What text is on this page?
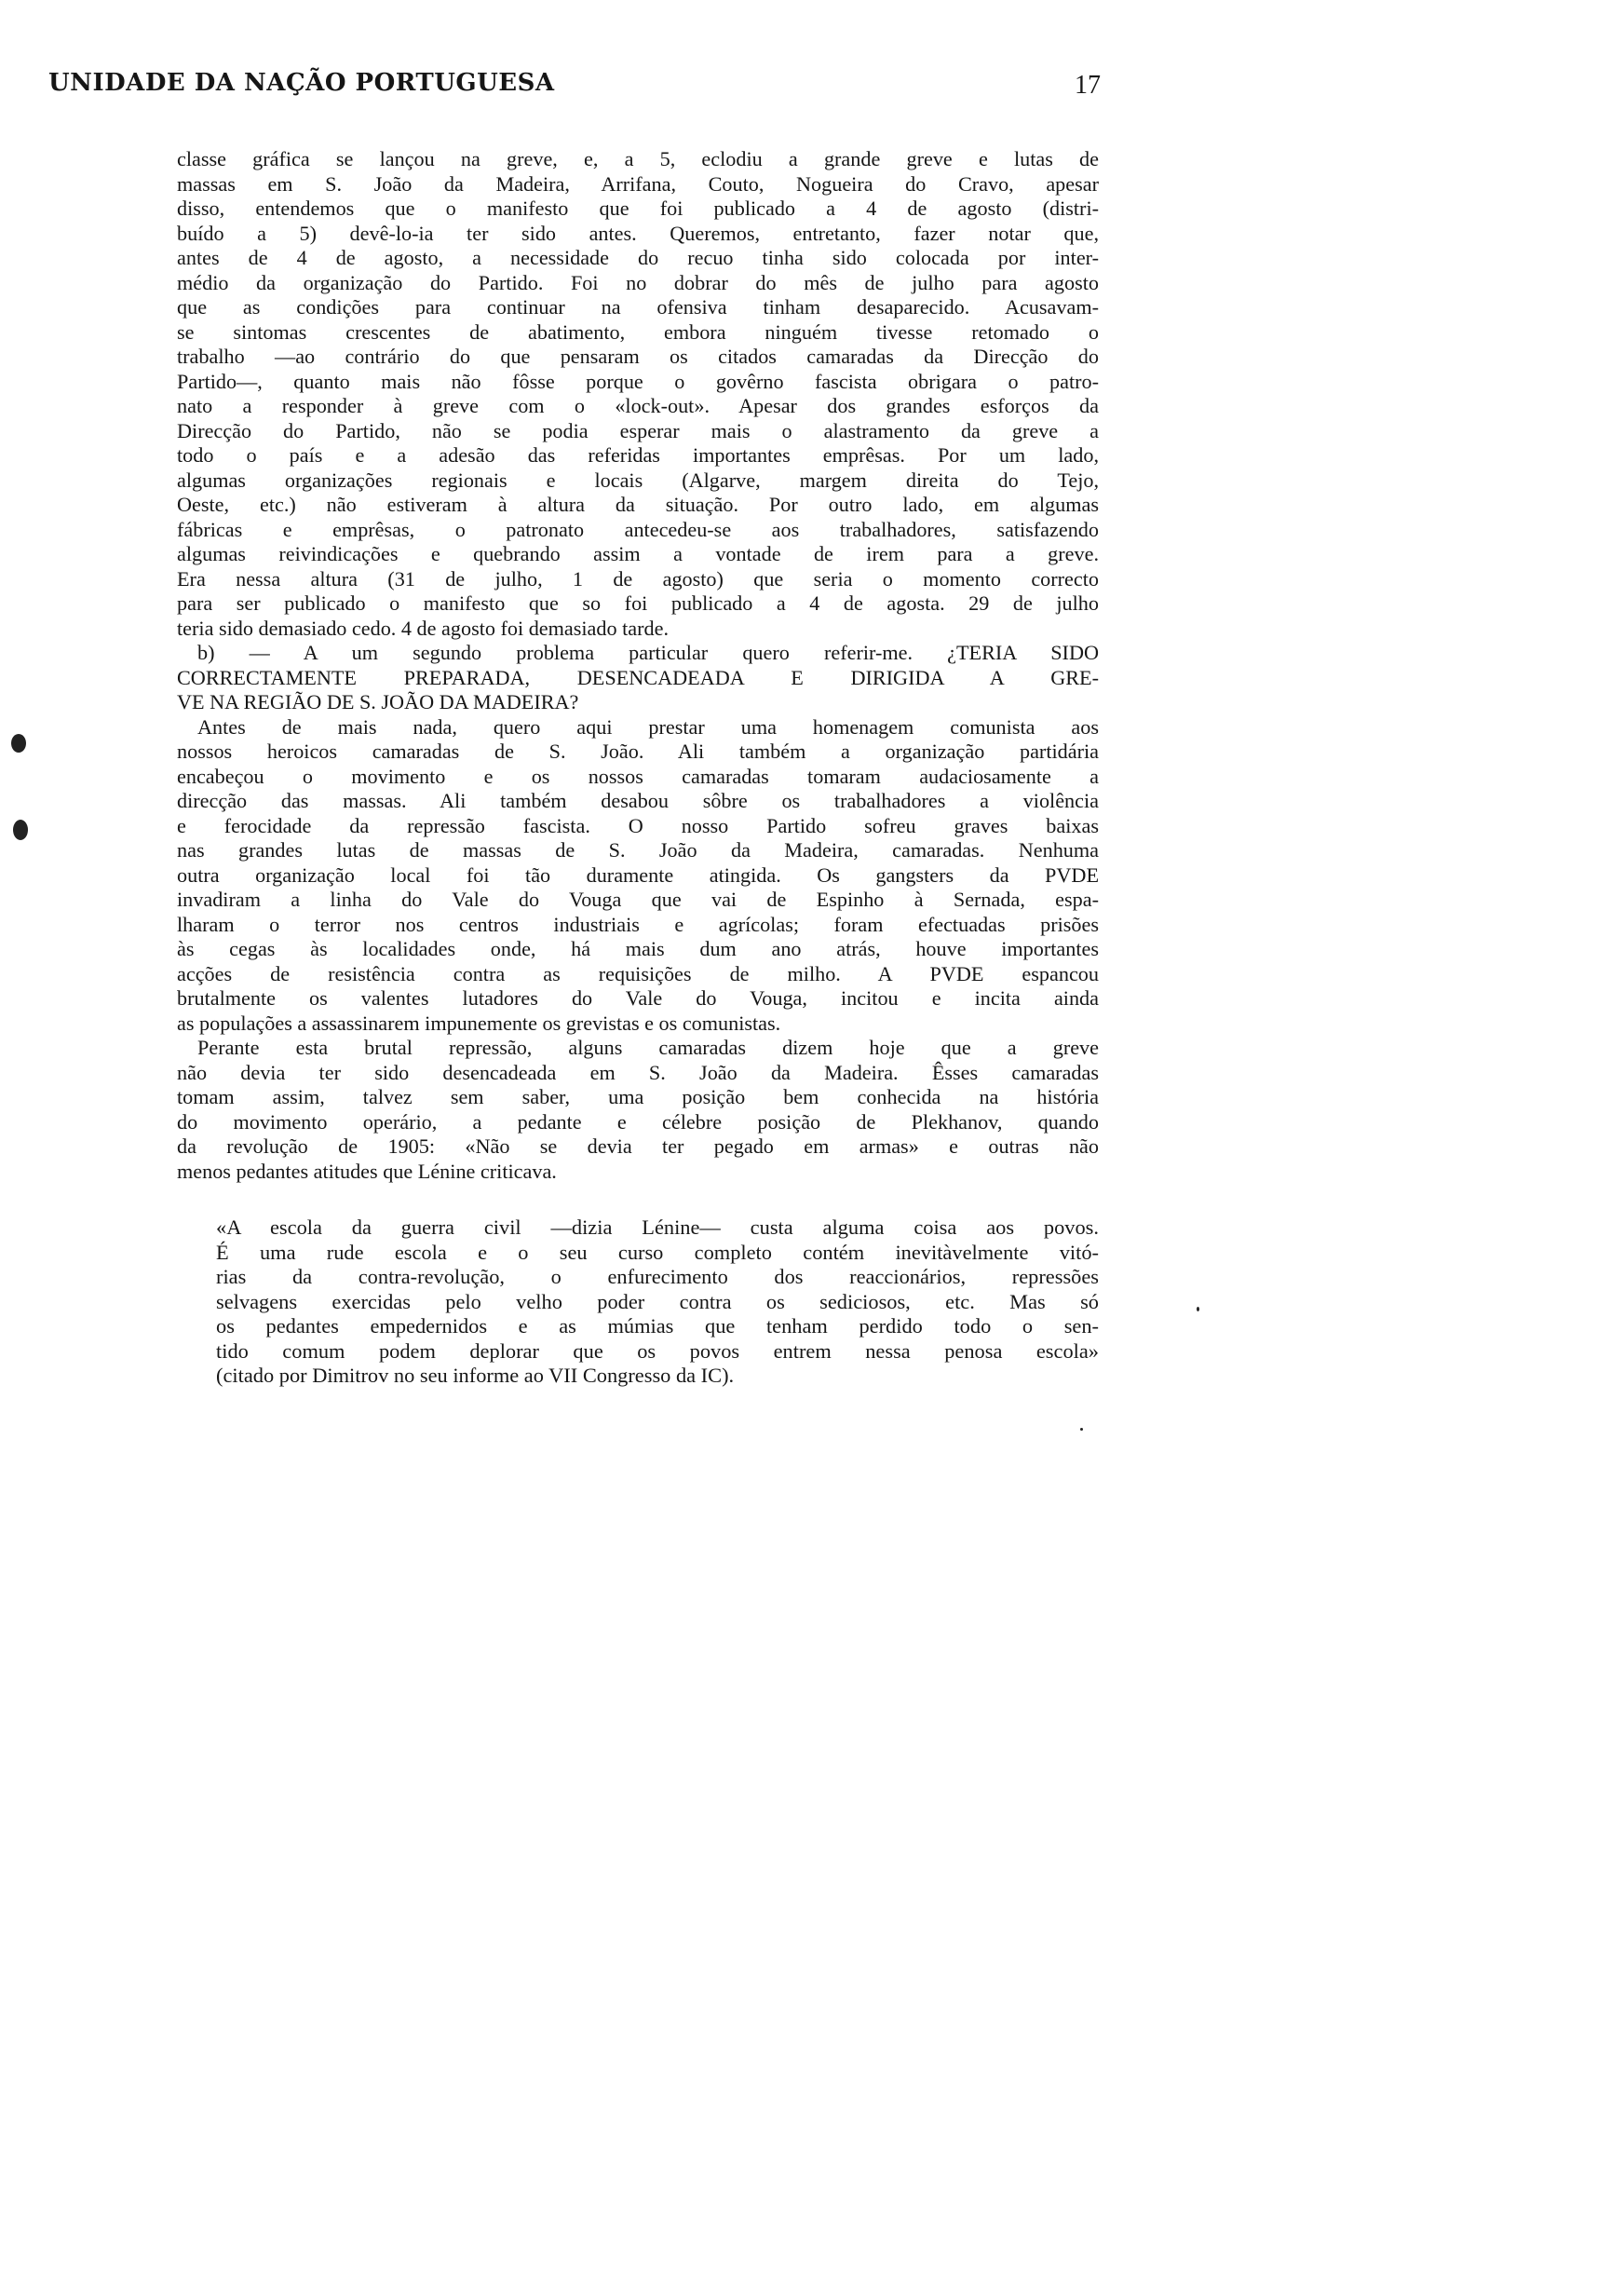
UNIDADE DA NAÇÃO PORTUGUESA	17
classe gráfica se lançou na greve, e, a 5, eclodiu a grande greve e lutas de
massas em S. João da Madeira, Arrifana, Couto, Nogueira do Cravo, apesar
disso, entendemos que o manifesto que foi publicado a 4 de agosto (distri-
buído a 5) devê-lo-ia ter sido antes. Queremos, entretanto, fazer notar que,
antes de 4 de agosto, a necessidade do recuo tinha sido colocada por inter-
médio da organização do Partido. Foi no dobrar do mês de julho para agosto
que as condições para continuar na ofensiva tinham desaparecido. Acusavam-
se sintomas crescentes de abatimento, embora ninguém tivesse retomado o
trabalho —ao contrário do que pensaram os citados camaradas da Direcção do
Partido—, quanto mais não fôsse porque o govêrno fascista obrigara o patro-
nato a responder à greve com o «lock-out». Apesar dos grandes esforços da
Direcção do Partido, não se podia esperar mais o alastramento da greve a
todo o país e a adesão das referidas importantes emprêsas. Por um lado,
algumas organizações regionais e locais (Algarve, margem direita do Tejo,
Oeste, etc.) não estiveram à altura da situação. Por outro lado, em algumas
fábricas e emprêsas, o patronato antecedeu-se aos trabalhadores, satisfazendo
algumas reivindicações e quebrando assim a vontade de irem para a greve.
Era nessa altura (31 de julho, 1 de agosto) que seria o momento correcto
para ser publicado o manifesto que so foi publicado a 4 de agosta. 29 de julho
teria sido demasiado cedo. 4 de agosto foi demasiado tarde.
b) — A um segundo problema particular quero referir-me. ¿TERIA SIDO
CORRECTAMENTE PREPARADA, DESENCADEADA E DIRIGIDA A GRE-
VE NA REGIÃO DE S. JOÃO DA MADEIRA?
Antes de mais nada, quero aqui prestar uma homenagem comunista aos
nossos heroicos camaradas de S. João. Ali também a organização partidária
encabeçou o movimento e os nossos camaradas tomaram audaciosamente a
direcção das massas. Ali também desabou sôbre os trabalhadores a violência
e ferocidade da repressão fascista. O nosso Partido sofreu graves baixas
nas grandes lutas de massas de S. João da Madeira, camaradas. Nenhuma
outra organização local foi tão duramente atingida. Os gangsters da PVDE
invadiram a linha do Vale do Vouga que vai de Espinho à Sernada, espa-
lharam o terror nos centros industriais e agrícolas; foram efectuadas prisões
às cegas às localidades onde, há mais dum ano atrás, houve importantes
acções de resistência contra as requisições de milho. A PVDE espancou
brutalmente os valentes lutadores do Vale do Vouga, incitou e incita ainda
as populações a assassinarem impunemente os grevistas e os comunistas.
Perante esta brutal repressão, alguns camaradas dizem hoje que a greve
não devia ter sido desencadeada em S. João da Madeira. Êsses camaradas
tomam assim, talvez sem saber, uma posição bem conhecida na história
do movimento operário, a pedante e célebre posição de Plekhanov, quando
da revolução de 1905: «Não se devia ter pegado em armas» e outras não
menos pedantes atitudes que Lénine criticava.
«A escola da guerra civil —dizia Lénine— custa alguma coisa aos povos.
É uma rude escola e o seu curso completo contém inevitàvelmente vitó-
rias da contra-revolução, o enfurecimento dos reaccionários, repressões
selvagens exercidas pelo velho poder contra os sediciosos, etc. Mas só
os pedantes empedernidos e as múmias que tenham perdido todo o sen-
tido comum podem deplorar que os povos entrem nessa penosa escola»
(citado por Dimitrov no seu informe ao VII Congresso da IC).
